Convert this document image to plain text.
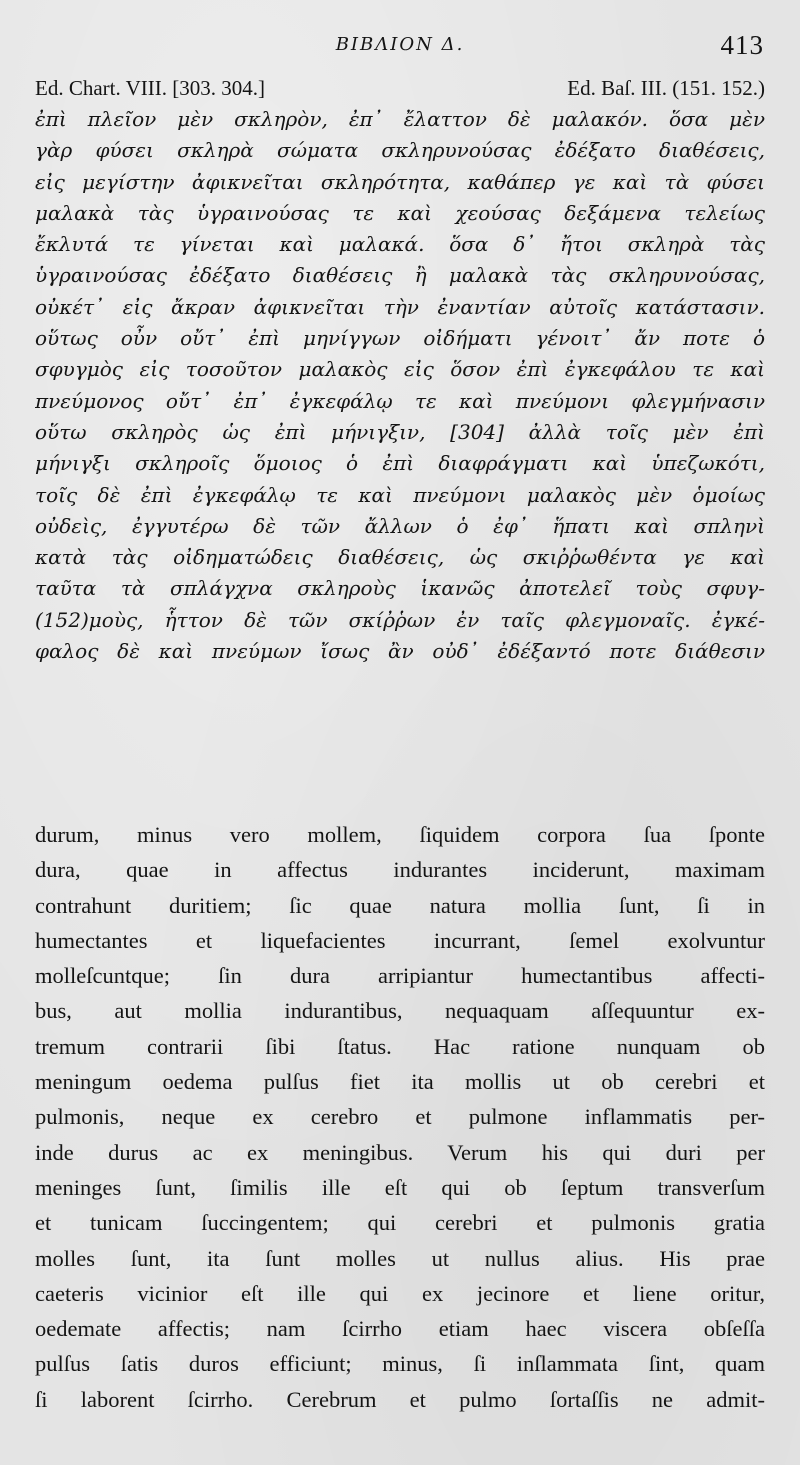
ΒΙΒΛΙΟΝ Δ.	413
Ed. Chart. VIII. [303. 304.]	Ed. Baſ. III. (151. 152.)
ἐπὶ πλεῖον μὲν σκληρὸν, ἐπ᾽ ἔλαττον δὲ μαλακόν. ὅσα μὲν
γὰρ φύσει σκληρὰ σώματα σκληρυνούσας ἐδέξατο διαθέσεις,
εἰς μεγίστην ἀφικνεῖται σκληρότητα, καθάπερ γε καὶ τὰ φύσει
μαλακὰ τὰς ὑγραινούσας τε καὶ χεούσας δεξάμενα τελείως
ἔκλυτά τε γίνεται καὶ μαλακά. ὅσα δ᾽ ἤτοι σκληρὰ τὰς
ὑγραινούσας ἐδέξατο διαθέσεις ἢ μαλακὰ τὰς σκληρυνούσας,
οὐκέτ᾽ εἰς ἄκραν ἀφικνεῖται τὴν ἐναντίαν αὐτοῖς κατάστασιν.
οὕτως οὖν οὔτ᾽ ἐπὶ μηνίγγων οἰδήματι γένοιτ᾽ ἄν ποτε ὁ
σφυγμὸς εἰς τοσοῦτον μαλακὸς εἰς ὅσον ἐπὶ ἐγκεφάλου τε καὶ
πνεύμονος οὔτ᾽ ἐπ᾽ ἐγκεφάλῳ τε καὶ πνεύμονι φλεγμήνασιν
οὕτω σκληρὸς ὡς ἐπὶ μήνιγξιν, [304] ἀλλὰ τοῖς μὲν ἐπὶ
μήνιγξι σκληροῖς ὅμοιος ὁ ἐπὶ διαφράγματι καὶ ὑπεζωκότι,
τοῖς δὲ ἐπὶ ἐγκεφάλῳ τε καὶ πνεύμονι μαλακὸς μὲν ὁμοίως
οὐδεὶς, ἐγγυτέρω δὲ τῶν ἄλλων ὁ ἐφ᾽ ἥπατι καὶ σπληνὶ
κατὰ τὰς οἰδηματώδεις διαθέσεις, ὡς σκιῤῥωθέντα γε καὶ
ταῦτα τὰ σπλάγχνα σκληροὺς ἱκανῶς ἀποτελεῖ τοὺς σφυγ-
(152)μοὺς, ἧττον δὲ τῶν σκίῤῥων ἐν ταῖς φλεγμοναῖς. ἐγκέ-
φαλος δὲ καὶ πνεύμων ἴσως ἂν οὐδ᾽ ἐδέξαντό ποτε διάθεσιν
durum, minus vero mollem, ſiquidem corpora ſua ſponte
dura, quae in affectus indurantes inciderunt, maximam
contrahunt duritiem; ſic quae natura mollia ſunt, ſi in
humectantes et liquefacientes incurrant, ſemel exolvuntur
molleſcuntque; ſin dura arripiantur humectantibus affecti-
bus, aut mollia indurantibus, nequaquam aſſequuntur ex-
tremum contrarii ſibi ſtatus. Hac ratione nunquam ob
meningum oedema pulſus fiet ita mollis ut ob cerebri et
pulmonis, neque ex cerebro et pulmone inflammatis per-
inde durus ac ex meningibus. Verum his qui duri per
meninges ſunt, ſimilis ille eſt qui ob ſeptum transverſum
et tunicam ſuccingentem; qui cerebri et pulmonis gratia
molles ſunt, ita ſunt molles ut nullus alius. His prae
caeteris vicinior eſt ille qui ex jecinore et liene oritur,
oedemate affectis; nam ſcirrho etiam haec viscera obſeſſa
pulſus ſatis duros efficiunt; minus, ſi inſlammata ſint, quam
ſi laborent ſcirrho. Cerebrum et pulmo ſortaſſis ne admit-
